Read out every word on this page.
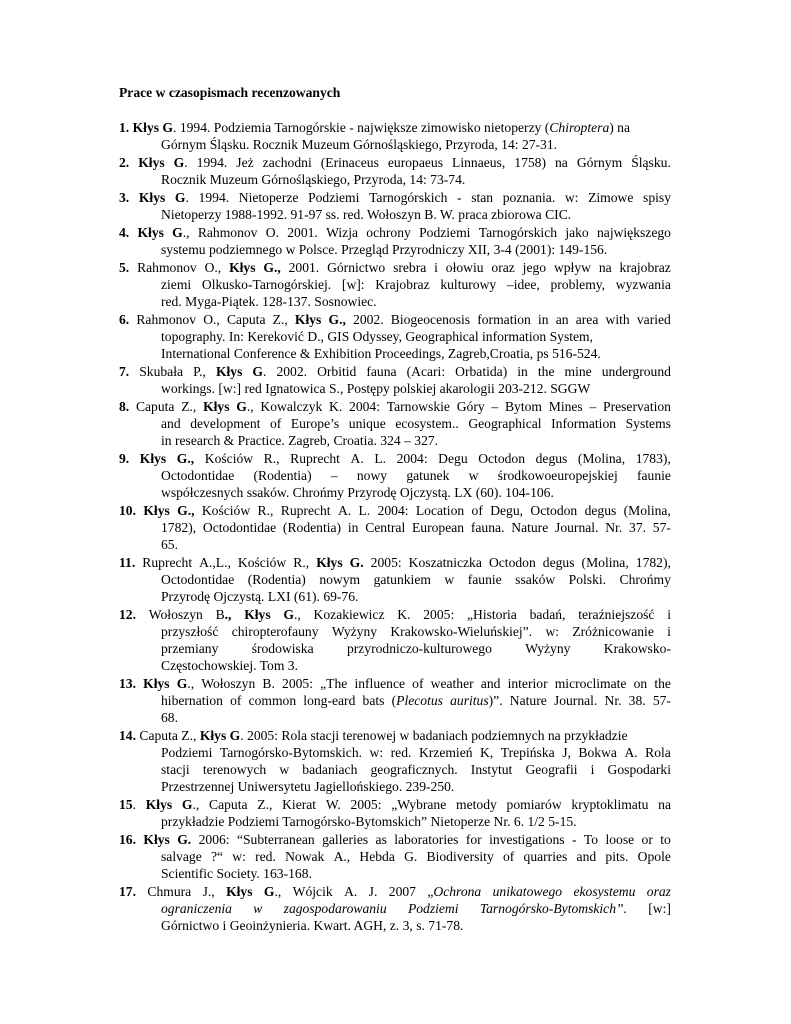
Prace w czasopismach recenzowanych
1. Kłys G. 1994. Podziemia Tarnogórskie - największe zimowisko nietoperzy (Chiroptera) na
Górnym Śląsku. Rocznik Muzeum Górnośląskiego, Przyroda, 14: 27-31.
2. Kłys G. 1994. Jeż zachodni (Erinaceus europaeus Linnaeus, 1758) na Górnym Śląsku.
Rocznik Muzeum Górnośląskiego, Przyroda, 14: 73-74.
3. Kłys G. 1994. Nietoperze Podziemi Tarnogórskich - stan poznania. w: Zimowe spisy
Nietoperzy 1988-1992. 91-97 ss. red. Wołoszyn B. W. praca zbiorowa CIC.
4. Kłys G., Rahmonov O. 2001. Wizja ochrony Podziemi Tarnogórskich jako największego
systemu podziemnego w Polsce. Przegląd Przyrodniczy XII, 3-4 (2001): 149-156.
5. Rahmonov O., Kłys G., 2001. Górnictwo srebra i ołowiu oraz jego wpływ na krajobraz
ziemi Olkusko-Tarnogórskiej. [w]: Krajobraz kulturowy –idee, problemy, wyzwania
red. Myga-Piątek. 128-137. Sosnowiec.
6. Rahmonov O., Caputa Z., Kłys G., 2002. Biogeocenosis formation in an area with varied
topography. In: Kereković D., GIS Odyssey, Geographical information System,
International Conference & Exhibition Proceedings, Zagreb,Croatia, ps 516-524.
7. Skubała P., Kłys G. 2002. Orbitid fauna (Acari: Orbatida) in the mine underground
workings. [w:] red Ignatowica S., Postępy polskiej akarologii 203-212. SGGW
8. Caputa Z., Kłys G., Kowalczyk K. 2004: Tarnowskie Góry – Bytom Mines – Preservation
and development of Europe’s unique ecosystem.. Geographical Information Systems
in research & Practice. Zagreb, Croatia. 324 – 327.
9. Kłys G., Kościów R., Ruprecht A. L. 2004: Degu Octodon degus (Molina, 1783),
Octodontidae (Rodentia) – nowy gatunek w środkowoeuropejskiej faunie
współczesnych ssaków. Chrońmy Przyrodę Ojczystą. LX (60). 104-106.
10. Kłys G., Kościów R., Ruprecht A. L. 2004: Location of Degu, Octodon degus (Molina,
1782), Octodontidae (Rodentia) in Central European fauna. Nature Journal. Nr. 37. 57-
65.
11. Ruprecht A.,L., Kościów R., Kłys G. 2005: Koszatniczka Octodon degus (Molina, 1782),
Octodontidae (Rodentia) nowym gatunkiem w faunie ssaków Polski. Chrońmy
Przyrodę Ojczystą. LXI (61). 69-76.
12. Wołoszyn B., Kłys G., Kozakiewicz K. 2005: „Historia badań, teraźniejszość i
przyszłość chiropterofauny Wyżyny Krakowsko-Wieluńskiej”. w: Zróżnicowanie i
przemiany środowiska przyrodniczo-kulturowego Wyżyny Krakowsko-
Częstochowskiej. Tom 3.
13. Kłys G., Wołoszyn B. 2005: „The influence of weather and interior microclimate on the
hibernation of common long-eard bats (Plecotus auritus)”. Nature Journal. Nr. 38. 57-
68.
14. Caputa Z., Kłys G. 2005: Rola stacji terenowej w badaniach podziemnych na przykładzie
Podziemi Tarnogórsko-Bytomskich. w: red. Krzemień K, Trepińska J, Bokwa A. Rola
stacji terenowych w badaniach geograficznych. Instytut Geografii i Gospodarki
Przestrzennej Uniwersytetu Jagiellońskiego. 239-250.
15. Kłys G., Caputa Z., Kierat W. 2005: „Wybrane metody pomiarów kryptoklimatu na
przykładzie Podziemi Tarnogórsko-Bytomskich” Nietoperze Nr. 6. 1/2 5-15.
16. Kłys G. 2006: “Subterranean galleries as laboratories for investigations - To loose or to
salvage ?“ w: red. Nowak A., Hebda G. Biodiversity of quarries and pits. Opole
Scientific Society. 163-168.
17. Chmura J., Kłys G., Wójcik A. J. 2007 „Ochrona unikatowego ekosystemu oraz
ograniczenia w zagospodarowaniu Podziemi Tarnogórsko-Bytomskich”. [w:]
Górnictwo i Geoinżynieria. Kwart. AGH, z. 3, s. 71-78.
